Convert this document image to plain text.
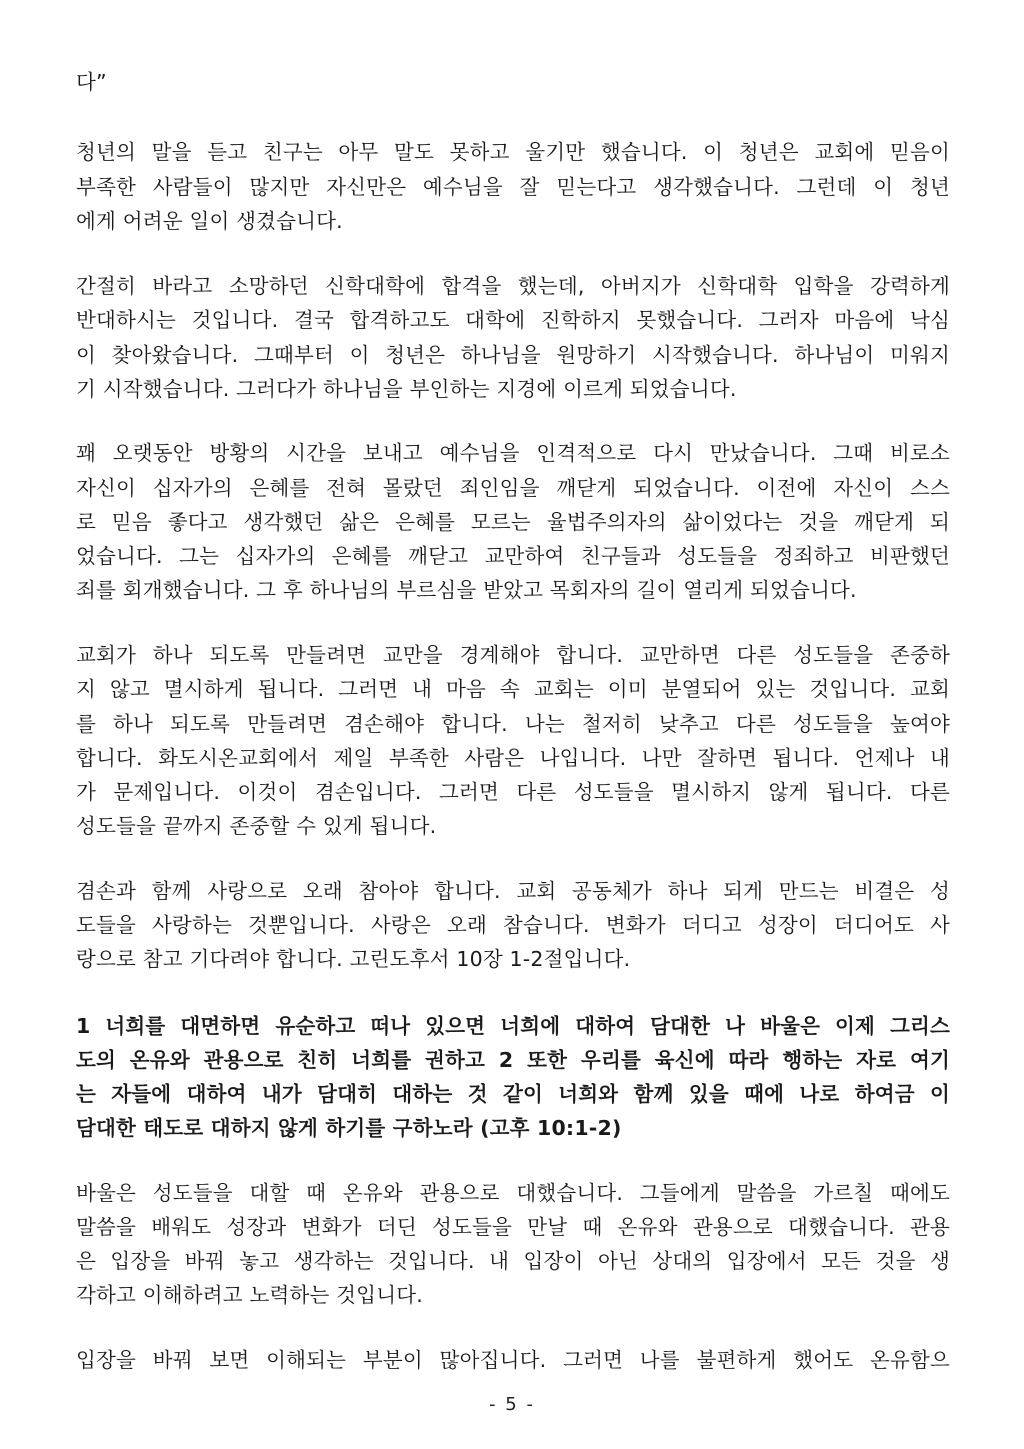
다”
청년의 말을 듣고 친구는 아무 말도 못하고 울기만 했습니다. 이 청년은 교회에 믿음이
부족한 사람들이 많지만 자신만은 예수님을 잘 믿는다고 생각했습니다. 그런데 이 청년
에게 어려운 일이 생겼습니다.
간절히 바라고 소망하던 신학대학에 합격을 했는데, 아버지가 신학대학 입학을 강력하게
반대하시는 것입니다. 결국 합격하고도 대학에 진학하지 못했습니다. 그러자 마음에 낙심
이 찾아왔습니다. 그때부터 이 청년은 하나님을 원망하기 시작했습니다. 하나님이 미워지
기 시작했습니다. 그러다가 하나님을 부인하는 지경에 이르게 되었습니다.
꽤 오랫동안 방황의 시간을 보내고 예수님을 인격적으로 다시 만났습니다. 그때 비로소
자신이 십자가의 은혜를 전혀 몰랐던 죄인임을 깨닫게 되었습니다. 이전에 자신이 스스
로 믿음 좋다고 생각했던 삶은 은혜를 모르는 율법주의자의 삶이었다는 것을 깨닫게 되
었습니다. 그는 십자가의 은혜를 깨닫고 교만하여 친구들과 성도들을 정죄하고 비판했던
죄를 회개했습니다. 그 후 하나님의 부르심을 받았고 목회자의 길이 열리게 되었습니다.
교회가 하나 되도록 만들려면 교만을 경계해야 합니다. 교만하면 다른 성도들을 존중하
지 않고 멸시하게 됩니다. 그러면 내 마음 속 교회는 이미 분열되어 있는 것입니다. 교회
를 하나 되도록 만들려면 겸손해야 합니다. 나는 철저히 낮추고 다른 성도들을 높여야
합니다. 화도시온교회에서 제일 부족한 사람은 나입니다. 나만 잘하면 됩니다. 언제나 내
가 문제입니다. 이것이 겸손입니다. 그러면 다른 성도들을 멸시하지 않게 됩니다. 다른
성도들을 끝까지 존중할 수 있게 됩니다.
겸손과 함께 사랑으로 오래 참아야 합니다. 교회 공동체가 하나 되게 만드는 비결은 성
도들을 사랑하는 것뿐입니다. 사랑은 오래 참습니다. 변화가 더디고 성장이 더디어도 사
랑으로 참고 기다려야 합니다. 고린도후서 10장 1-2절입니다.
1 너희를 대면하면 유순하고 떠나 있으면 너희에 대하여 담대한 나 바울은 이제 그리스
도의 온유와 관용으로 친히 너희를 권하고 2 또한 우리를 육신에 따라 행하는 자로 여기
는 자들에 대하여 내가 담대히 대하는 것 같이 너희와 함께 있을 때에 나로 하여금 이
담대한 태도로 대하지 않게 하기를 구하노라 (고후 10:1-2)
바울은 성도들을 대할 때 온유와 관용으로 대했습니다. 그들에게 말씀을 가르칠 때에도
말씀을 배워도 성장과 변화가 더딘 성도들을 만날 때 온유와 관용으로 대했습니다. 관용
은 입장을 바꿔 놓고 생각하는 것입니다. 내 입장이 아닌 상대의 입장에서 모든 것을 생
각하고 이해하려고 노력하는 것입니다.
입장을 바꿔 보면 이해되는 부분이 많아집니다. 그러면 나를 불편하게 했어도 온유함으
- 5 -
